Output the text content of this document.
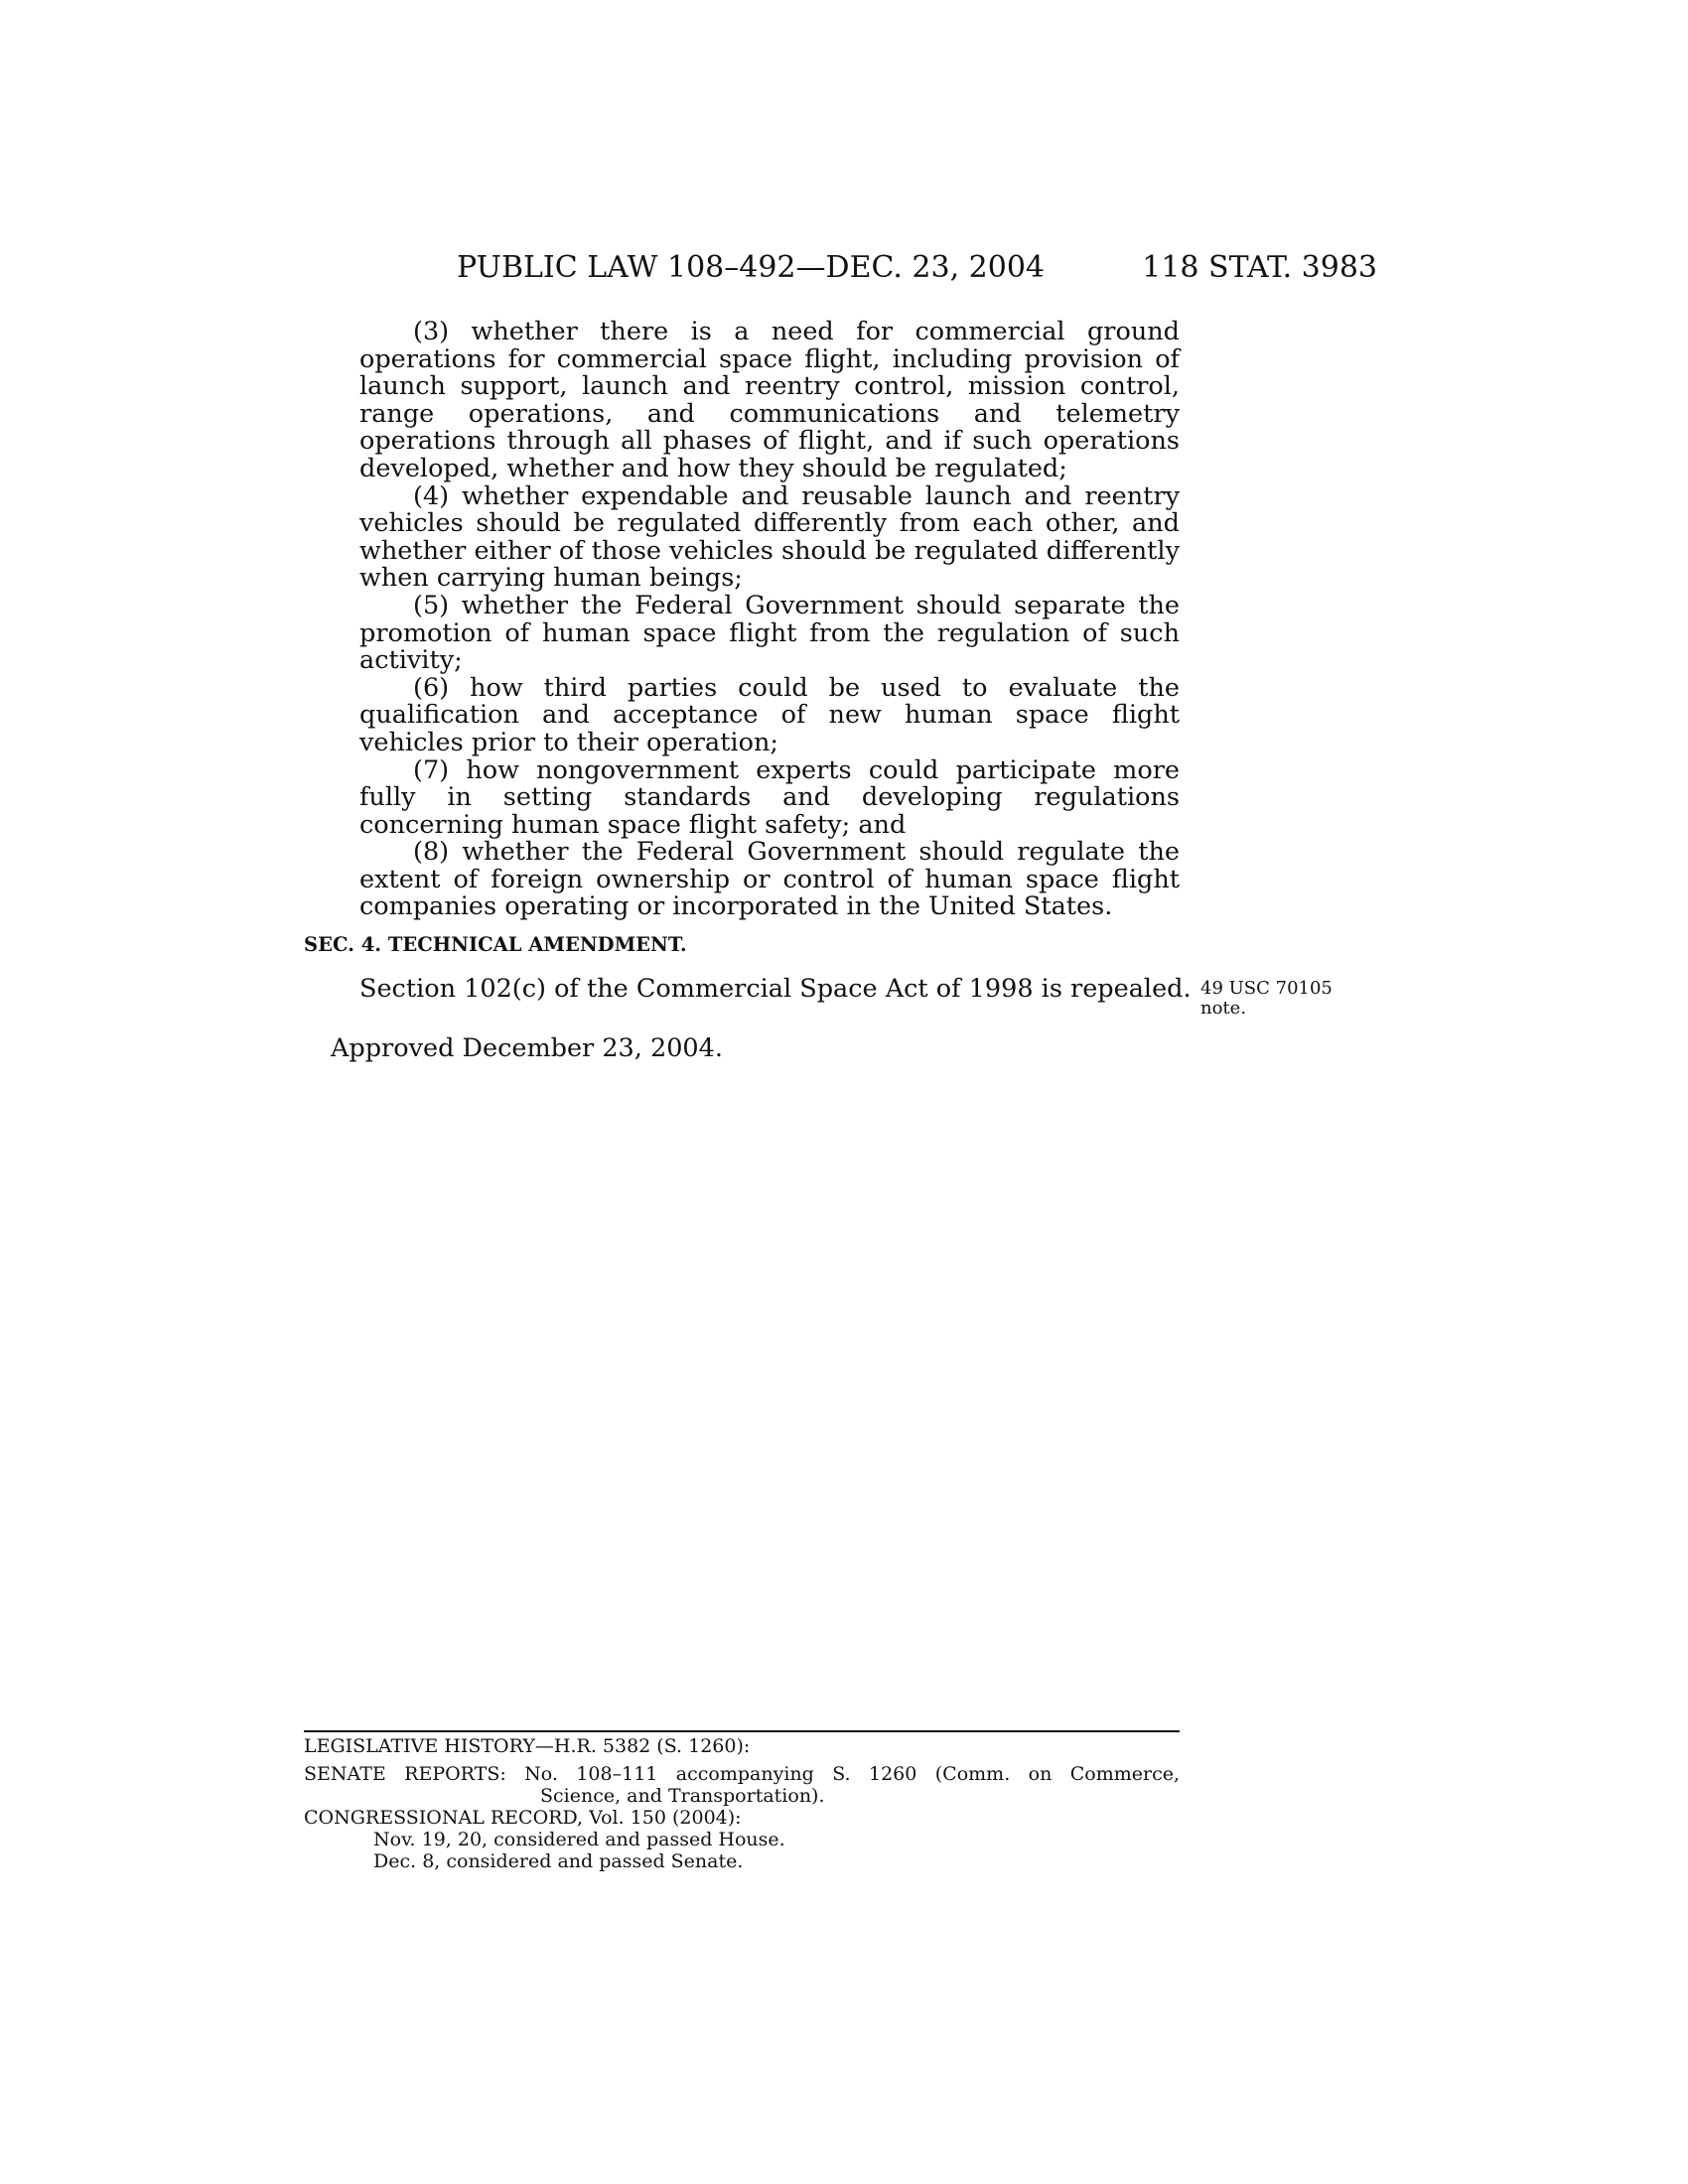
PUBLIC LAW 108–492—DEC. 23, 2004	118 STAT. 3983

(3) whether there is a need for commercial ground operations for commercial space flight, including provision of launch support, launch and reentry control, mission control, range operations, and communications and telemetry operations through all phases of flight, and if such operations developed, whether and how they should be regulated;

(4) whether expendable and reusable launch and reentry vehicles should be regulated differently from each other, and whether either of those vehicles should be regulated differently when carrying human beings;

(5) whether the Federal Government should separate the promotion of human space flight from the regulation of such activity;

(6) how third parties could be used to evaluate the qualification and acceptance of new human space flight vehicles prior to their operation;

(7) how nongovernment experts could participate more fully in setting standards and developing regulations concerning human space flight safety; and

(8) whether the Federal Government should regulate the extent of foreign ownership or control of human space flight companies operating or incorporated in the United States.

SEC. 4. TECHNICAL AMENDMENT.
Section 102(c) of the Commercial Space Act of 1998 is repealed. 49 USC 70105
note.
Approved December 23, 2004.

LEGISLATIVE HISTORY—H.R. 5382 (S. 1260):

SENATE REPORTS: No. 108–111 accompanying S. 1260 (Comm. on Commerce,
Science, and Transportation).

CONGRESSIONAL RECORD, Vol. 150 (2004):

Nov. 19, 20, considered and passed House.

Dec. 8, considered and passed Senate.
